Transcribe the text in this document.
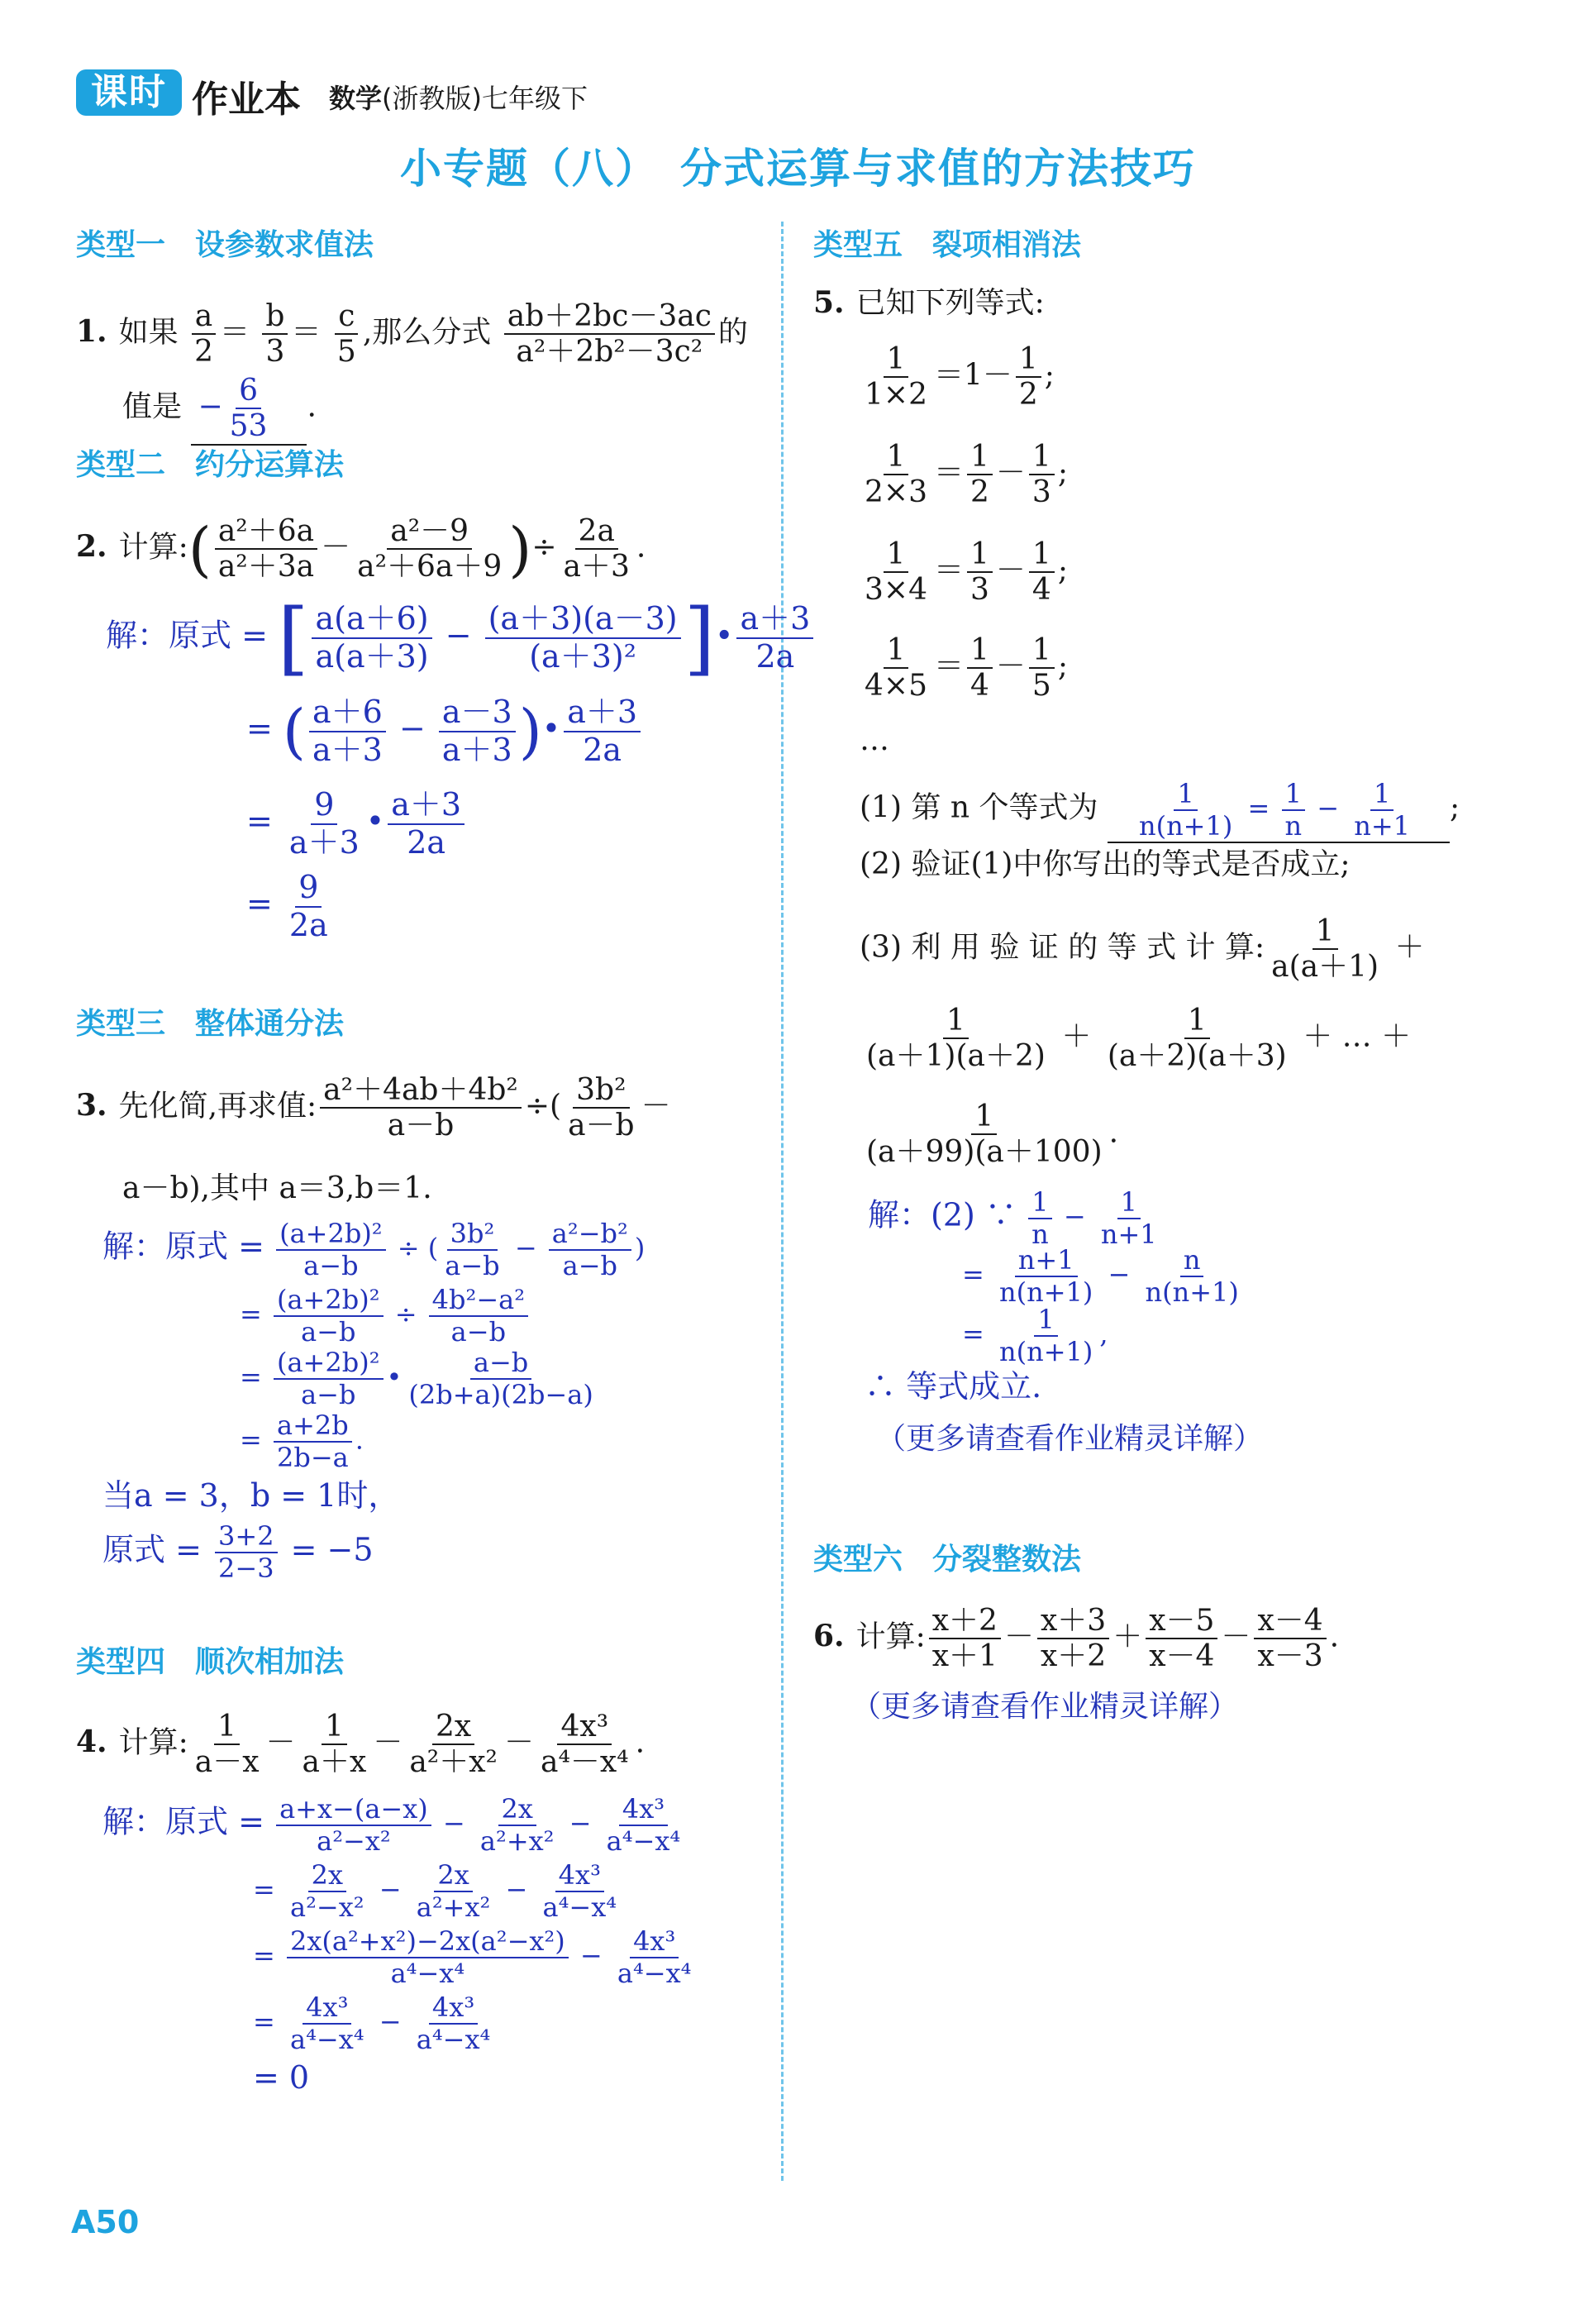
课时 作业本 数学(浙教版)七年级下
小专题（八）　分式运算与求值的方法技巧
类型一　设参数求值法
1. 如果 $\frac{a}{2} = \frac{b}{3} = \frac{c}{5}$ ,那么分式 $\frac{ab+2bc-3ac}{\text{a²＋2b²－3c²}}$ 的
值是 − $\frac{6}{53}$ .
类型二　约分运算法
2. 计算:( $\frac{\text{a²＋6a}}{\text{a²＋3a}} - \frac{\text{a²－9}}{\text{a²＋6a＋9}}$ )÷ $\frac{2a}{a+3}$ .
解：原式 = [ $\frac{a(a+6)}{a(a+3)} - \frac{(a+3)(a-3)}{\text{(a＋3)²}}$ ]• $\frac{a+3}{2a}$
= ( $\frac{a+6}{a+3} - \frac{a-3}{a+3}$ )• $\frac{a+3}{2a}$
= $\frac{9}{a+3}$ • $\frac{a+3}{2a}$
= $\frac{9}{2a}$
类型三　整体通分法
3. 先化简,再求值: $\frac{\text{a²＋4ab＋4b²}}{a-b}$ ÷( $\frac{\text{3b²}}{a-b}$ －
a－b),其中 a＝3,b＝1.
解：原式 = $\frac{\text{(a+2b)²}}{a-b}$ ÷ ( $\frac{\text{3b²}}{a-b} - \frac{\text{a²−b²}}{a-b}$ )
= $\frac{\text{(a+2b)²}}{a-b} \div \frac{\text{4b²−a²}}{a-b}$
= $\frac{\text{(a+2b)²}}{a-b}$ • $\frac{a-b}{(2b+a)(2b-a)}$
= $\frac{a+2b}{2b-a}$ .
当a = 3，b = 1时，
原式 = $\frac{3+2}{2-3} = -5$
类型四　顺次相加法
4. 计算: $\frac{1}{a-x} - \frac{1}{a+x} - \frac{2x}{\text{a²＋x²}} - \frac{\text{4x³}}{\text{a⁴－x⁴}}$ .
解：原式 = $\frac{a+x-(a-x)}{\text{a²−x²}} - \frac{2x}{\text{a²+x²}} - \frac{\text{4x³}}{\text{a⁴−x⁴}}$
= $\frac{2x}{\text{a²−x²}} - \frac{2x}{\text{a²+x²}} - \frac{\text{4x³}}{\text{a⁴−x⁴}}$
= $\frac{\text{2x(a²+x²)−2x(a²−x²)}}{\text{a⁴−x⁴}} - \frac{\text{4x³}}{\text{a⁴−x⁴}}$
= $\frac{\text{4x³}}{\text{a⁴−x⁴}} - \frac{\text{4x³}}{\text{a⁴−x⁴}}$
= 0
类型五　裂项相消法
5. 已知下列等式:
$\frac{1}{1\times 2} =1- \frac{1}{2}$ ;
$\frac{1}{2\times 3} = \frac{1}{2} - \frac{1}{3}$ ;
$\frac{1}{3\times 4} = \frac{1}{3} - \frac{1}{4}$ ;
$\frac{1}{4\times 5} = \frac{1}{4} - \frac{1}{5}$ ;
…
(1) 第 n 个等式为 $\frac{1}{n(n+1)} = \frac{1}{n} - \frac{1}{n+1}$ ;
(2) 验证(1)中你写出的等式是否成立;
(3) 利 用 验 证 的 等 式 计 算: $\frac{1}{a(a+1)}$ ＋
$\frac{1}{(a+1)(a+2)} + \frac{1}{(a+2)(a+3)}$ ＋ … ＋
$\frac{1}{(a+99)(a+100)}$ .
解：(2) ∵ $\frac{1}{n} - \frac{1}{n+1}$
= $\frac{n+1}{n(n+1)} - \frac{n}{n(n+1)}$
= $\frac{1}{n(n+1)}$ ,
∴ 等式成立.
（更多请查看作业精灵详解）
类型六　分裂整数法
6. 计算: $\frac{x+2}{x+1} - \frac{x+3}{x+2} + \frac{x-5}{x-4} - \frac{x-4}{x-3}$ .
（更多请查看作业精灵详解）
A50
